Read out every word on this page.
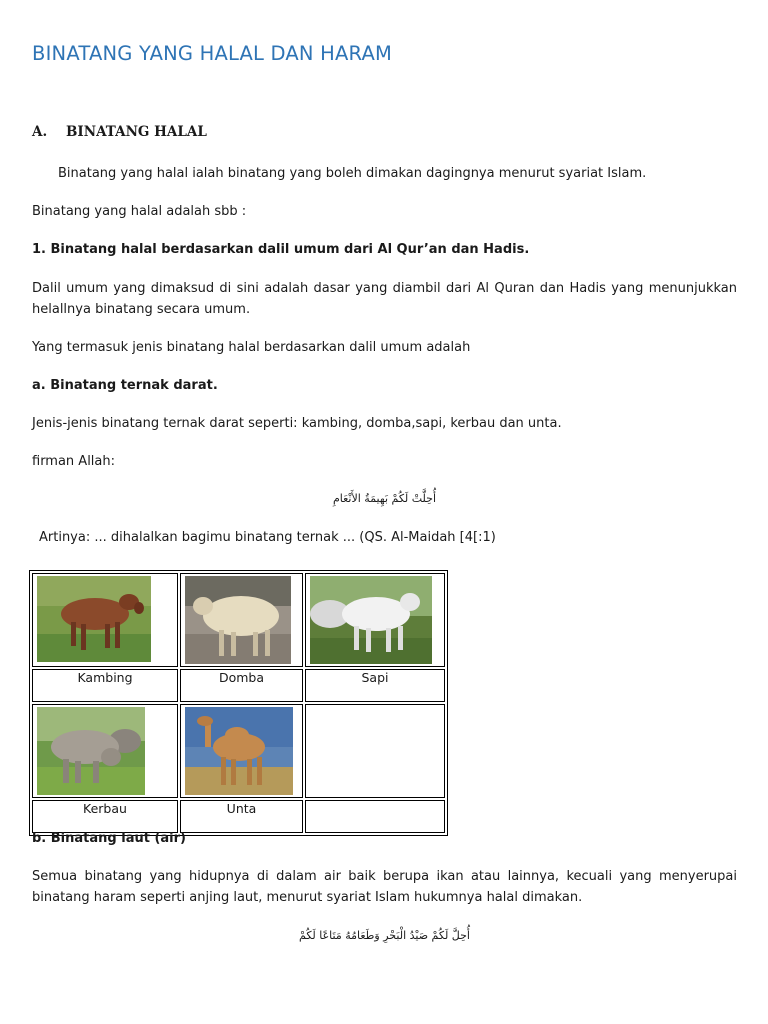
BINATANG YANG HALAL DAN HARAM
A. BINATANG HALAL

Binatang yang halal ialah binatang yang boleh dimakan dagingnya menurut syariat Islam.

Binatang yang halal adalah sbb :

1. Binatang halal berdasarkan dalil umum dari Al Qur’an dan Hadis.

Dalil umum yang dimaksud di sini adalah dasar yang diambil dari Al Quran dan Hadis yang menunjukkan helallnya binatang secara umum.

Yang termasuk jenis binatang halal berdasarkan dalil umum adalah

a. Binatang ternak darat.

Jenis-jenis binatang ternak darat seperti: kambing, domba,sapi, kerbau dan unta.

firman Allah:

أُحِلَّتْ لَكُمْ بَهِيمَةُ الأَنْعَامِ

Artinya: ... dihalalkan bagimu binatang ternak ... (QS. Al-Maidah [4[:1)

Kambing	Domba	Sapi

Kerbau	Unta	

b. Binatang laut (air)

Semua binatang yang hidupnya di dalam air baik berupa ikan atau lainnya, kecuali yang menyerupai binatang haram seperti anjing laut, menurut syariat Islam hukumnya halal dimakan.

أُحِلَّ لَكُمْ صَيْدُ الْبَحْرِ وَطَعَامُهُ مَتَاعًا لَكُمْ
